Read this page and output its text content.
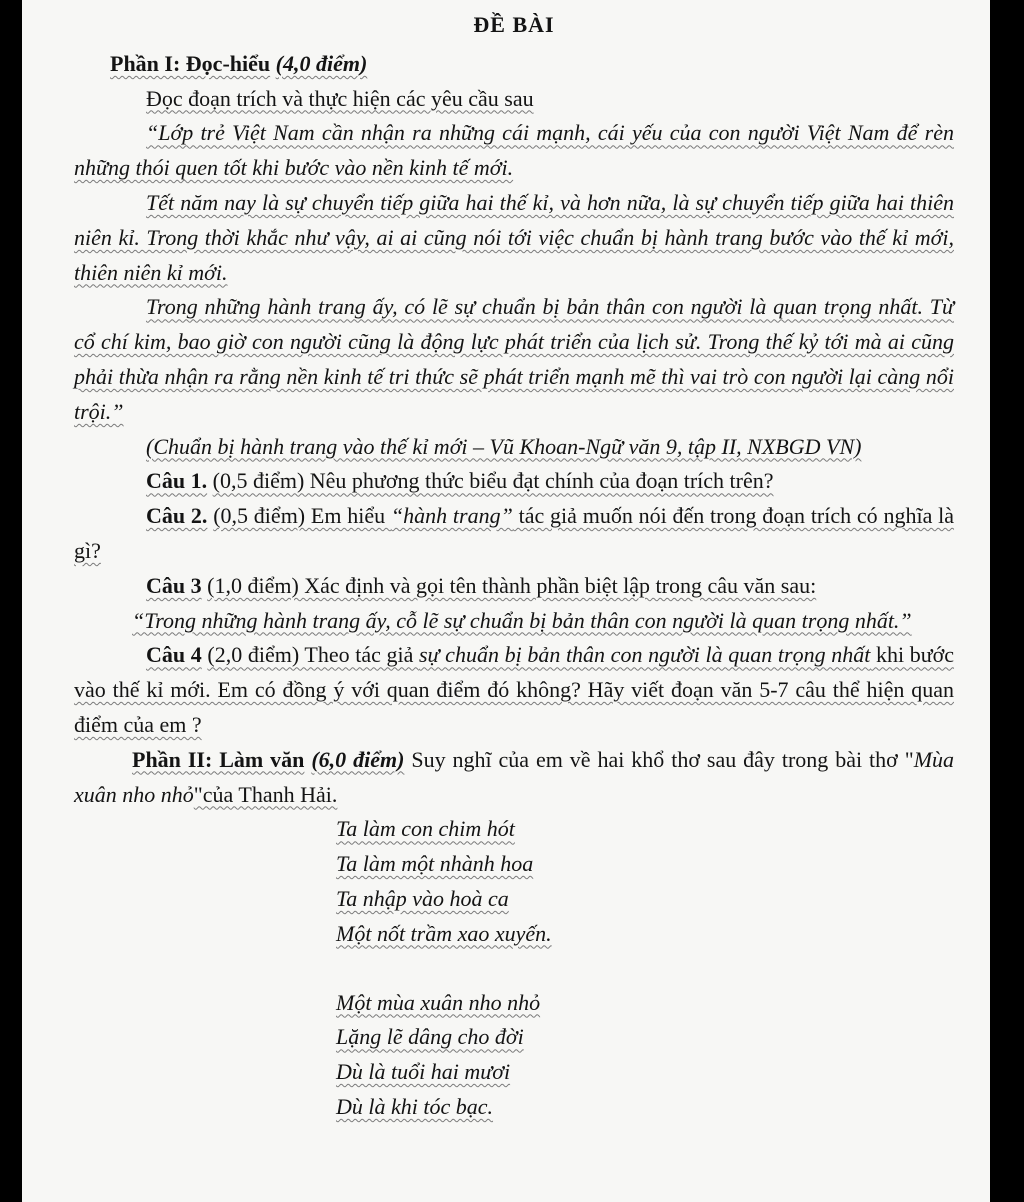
ĐỀ BÀI

Phần I: Đọc-hiểu (4,0 điểm)

Đọc đoạn trích và thực hiện các yêu cầu sau

“Lớp trẻ Việt Nam cần nhận ra những cái mạnh, cái yếu của con người Việt Nam để rèn những thói quen tốt khi bước vào nền kinh tế mới.

Tết năm nay là sự chuyển tiếp giữa hai thế kỉ, và hơn nữa, là sự chuyển tiếp giữa hai thiên niên kỉ. Trong thời khắc như vậy, ai ai cũng nói tới việc chuẩn bị hành trang bước vào thế kỉ mới, thiên niên kỉ mới.

Trong những hành trang ấy, có lẽ sự chuẩn bị bản thân con người là quan trọng nhất. Từ cổ chí kim, bao giờ con người cũng là động lực phát triển của lịch sử. Trong thế kỷ tới mà ai cũng phải thừa nhận ra rằng nền kinh tế tri thức sẽ phát triển mạnh mẽ thì vai trò con người lại càng nổi trội.”

(Chuẩn bị hành trang vào thế kỉ mới – Vũ Khoan-Ngữ văn 9, tập II, NXBGD VN)

Câu 1. (0,5 điểm) Nêu phương thức biểu đạt chính của đoạn trích trên?

Câu 2. (0,5 điểm) Em hiểu “hành trang” tác giả muốn nói đến trong đoạn trích có nghĩa là gì?

Câu 3 (1,0 điểm) Xác định và gọi tên thành phần biệt lập trong câu văn sau:

“Trong những hành trang ấy, cỗ lẽ sự chuẩn bị bản thân con người là quan trọng nhất.”

Câu 4 (2,0 điểm) Theo tác giả sự chuẩn bị bản thân con người là quan trọng nhất khi bước vào thế kỉ mới. Em có đồng ý với quan điểm đó không? Hãy viết đoạn văn 5-7 câu thể hiện quan điểm của em ?

Phần II: Làm văn (6,0 điểm) Suy nghĩ của em về hai khổ thơ sau đây trong bài thơ "Mùa xuân nho nhỏ"của Thanh Hải.

Ta làm con chim hót
Ta làm một nhành hoa
Ta nhập vào hoà ca
Một nốt trầm xao xuyến.
Một mùa xuân nho nhỏ
Lặng lẽ dâng cho đời
Dù là tuổi hai mươi
Dù là khi tóc bạc.
